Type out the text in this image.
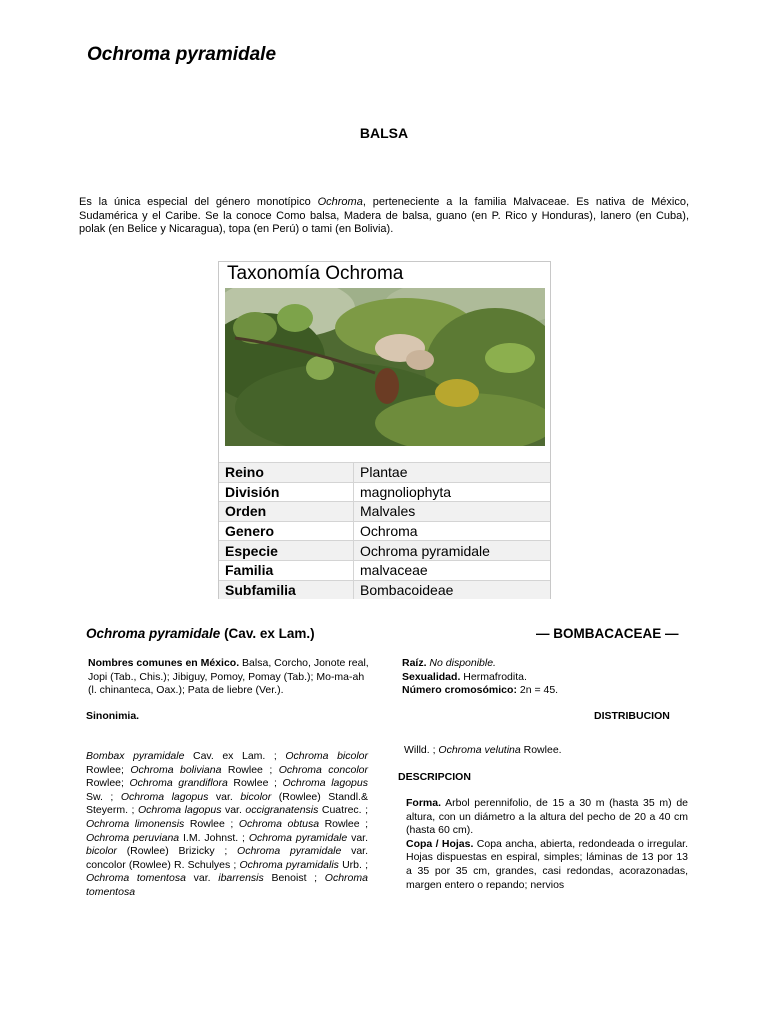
Ochroma pyramidale
BALSA
Es la única especial del género monotípico Ochroma, perteneciente a la familia Malvaceae. Es nativa de México, Sudamérica y el Caribe. Se la conoce Como balsa, Madera de balsa, guano (en P. Rico y Honduras), lanero (en Cuba), polak (en Belice y Nicaragua), topa (en Perú) o tami (en Bolivia).
Taxonomía Ochroma
Reino	Plantae
División	magnoliophyta
Orden	Malvales
Genero	Ochroma
Especie	Ochroma pyramidale
Familia	malvaceae
Subfamilia	Bombacoideae
Ochroma pyramidale (Cav. ex Lam.)	— BOMBACACEAE —
Nombres comunes en México. Balsa, Corcho, Jonote real, Jopi (Tab., Chis.); Jibiguy, Pomoy, Pomay (Tab.); Mo-ma-ah (l. chinanteca, Oax.); Pata de liebre (Ver.).
Raíz. No disponible.
Sexualidad. Hermafrodita.
Número cromosómico: 2n = 45.
Sinonimia.	DISTRIBUCION
Bombax pyramidale Cav. ex Lam. ; Ochroma bicolor Rowlee; Ochroma boliviana Rowlee ; Ochroma concolor Rowlee; Ochroma grandiflora Rowlee ; Ochroma lagopus Sw. ; Ochroma lagopus var. bicolor (Rowlee) Standl.& Steyerm. ; Ochroma lagopus var. occigranatensis Cuatrec. ; Ochroma limonensis Rowlee ; Ochroma obtusa Rowlee ; Ochroma peruviana I.M. Johnst. ; Ochroma pyramidale var. bicolor (Rowlee) Brizicky ; Ochroma pyramidale var. concolor (Rowlee) R. Schulyes ; Ochroma pyramidalis Urb. ; Ochroma tomentosa var. ibarrensis Benoist ; Ochroma tomentosa
Willd. ; Ochroma velutina Rowlee.
DESCRIPCION
Forma. Arbol perennifolio, de 15 a 30 m (hasta 35 m) de altura, con un diámetro a la altura del pecho de 20 a 40 cm (hasta 60 cm).
Copa / Hojas. Copa ancha, abierta, redondeada o irregular. Hojas dispuestas en espiral, simples; láminas de 13 por 13 a 35 por 35 cm, grandes, casi redondas, acorazonadas, margen entero o repando; nervios
